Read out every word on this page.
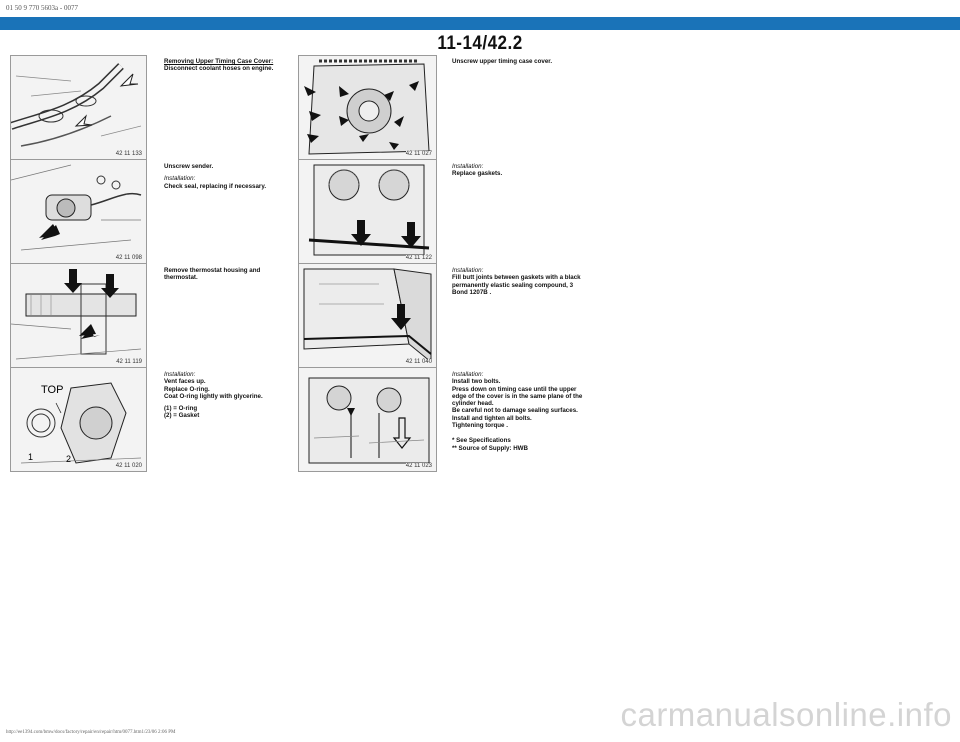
01 50 9 770 5603a - 0077
11-14/42.2
42 11 133
42 11 098
42 11 119
TOP
1	2
42 11 020
42 11 027
42 11 122
42 11 040
42 11 023
Removing Upper Timing Case Cover:

Disconnect coolant hoses on engine.

Unscrew sender.

Installation:
Check seal, replacing if necessary.

Remove thermostat housing and thermostat.

Installation:

Vent faces up.
Replace O-ring.
Coat O-ring lightly with glycerine.

(1) = O-ring
(2) = Gasket

Unscrew upper timing case cover.

Installation:

Replace gaskets.

Installation:

Fill butt joints between gaskets with a black permanently elastic sealing compound, 3 Bond 1207B .

Installation:

Install two bolts.
Press down on timing case until the upper edge of the cover is in the same plane of the cylinder head.
Be careful not to damage sealing surfaces.
Install and tighten all bolts.
Tightening torque .

* See Specifications
** Source of Supply: HWB

http://ee1394.com/bmw/docs/factory/repair/en/repair/htm/0077.htm1/23/06 2:06 PM	carmanualsonline.info
